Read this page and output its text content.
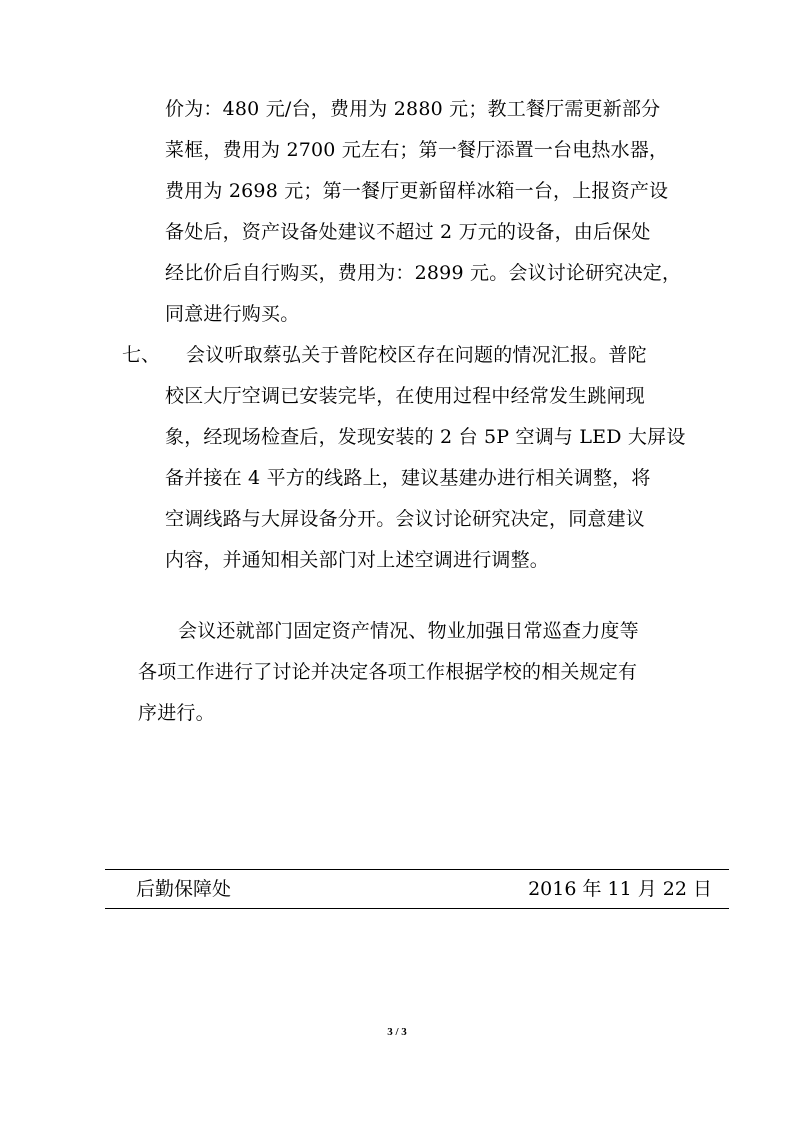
价为：480 元/台，费用为 2880 元；教工餐厅需更新部分
菜框，费用为 2700 元左右；第一餐厅添置一台电热水器，
费用为 2698 元；第一餐厅更新留样冰箱一台，上报资产设
备处后，资产设备处建议不超过 2 万元的设备，由后保处
经比价后自行购买，费用为：2899 元。会议讨论研究决定，
同意进行购买。
七、 会议听取蔡弘关于普陀校区存在问题的情况汇报。普陀
校区大厅空调已安装完毕，在使用过程中经常发生跳闸现
象，经现场检查后，发现安装的 2 台 5P 空调与 LED 大屏设
备并接在 4 平方的线路上，建议基建办进行相关调整，将
空调线路与大屏设备分开。会议讨论研究决定，同意建议
内容，并通知相关部门对上述空调进行调整。
会议还就部门固定资产情况、物业加强日常巡查力度等
各项工作进行了讨论并决定各项工作根据学校的相关规定有
序进行。
后勤保障处	2016 年 11 月 22 日
3 / 3
